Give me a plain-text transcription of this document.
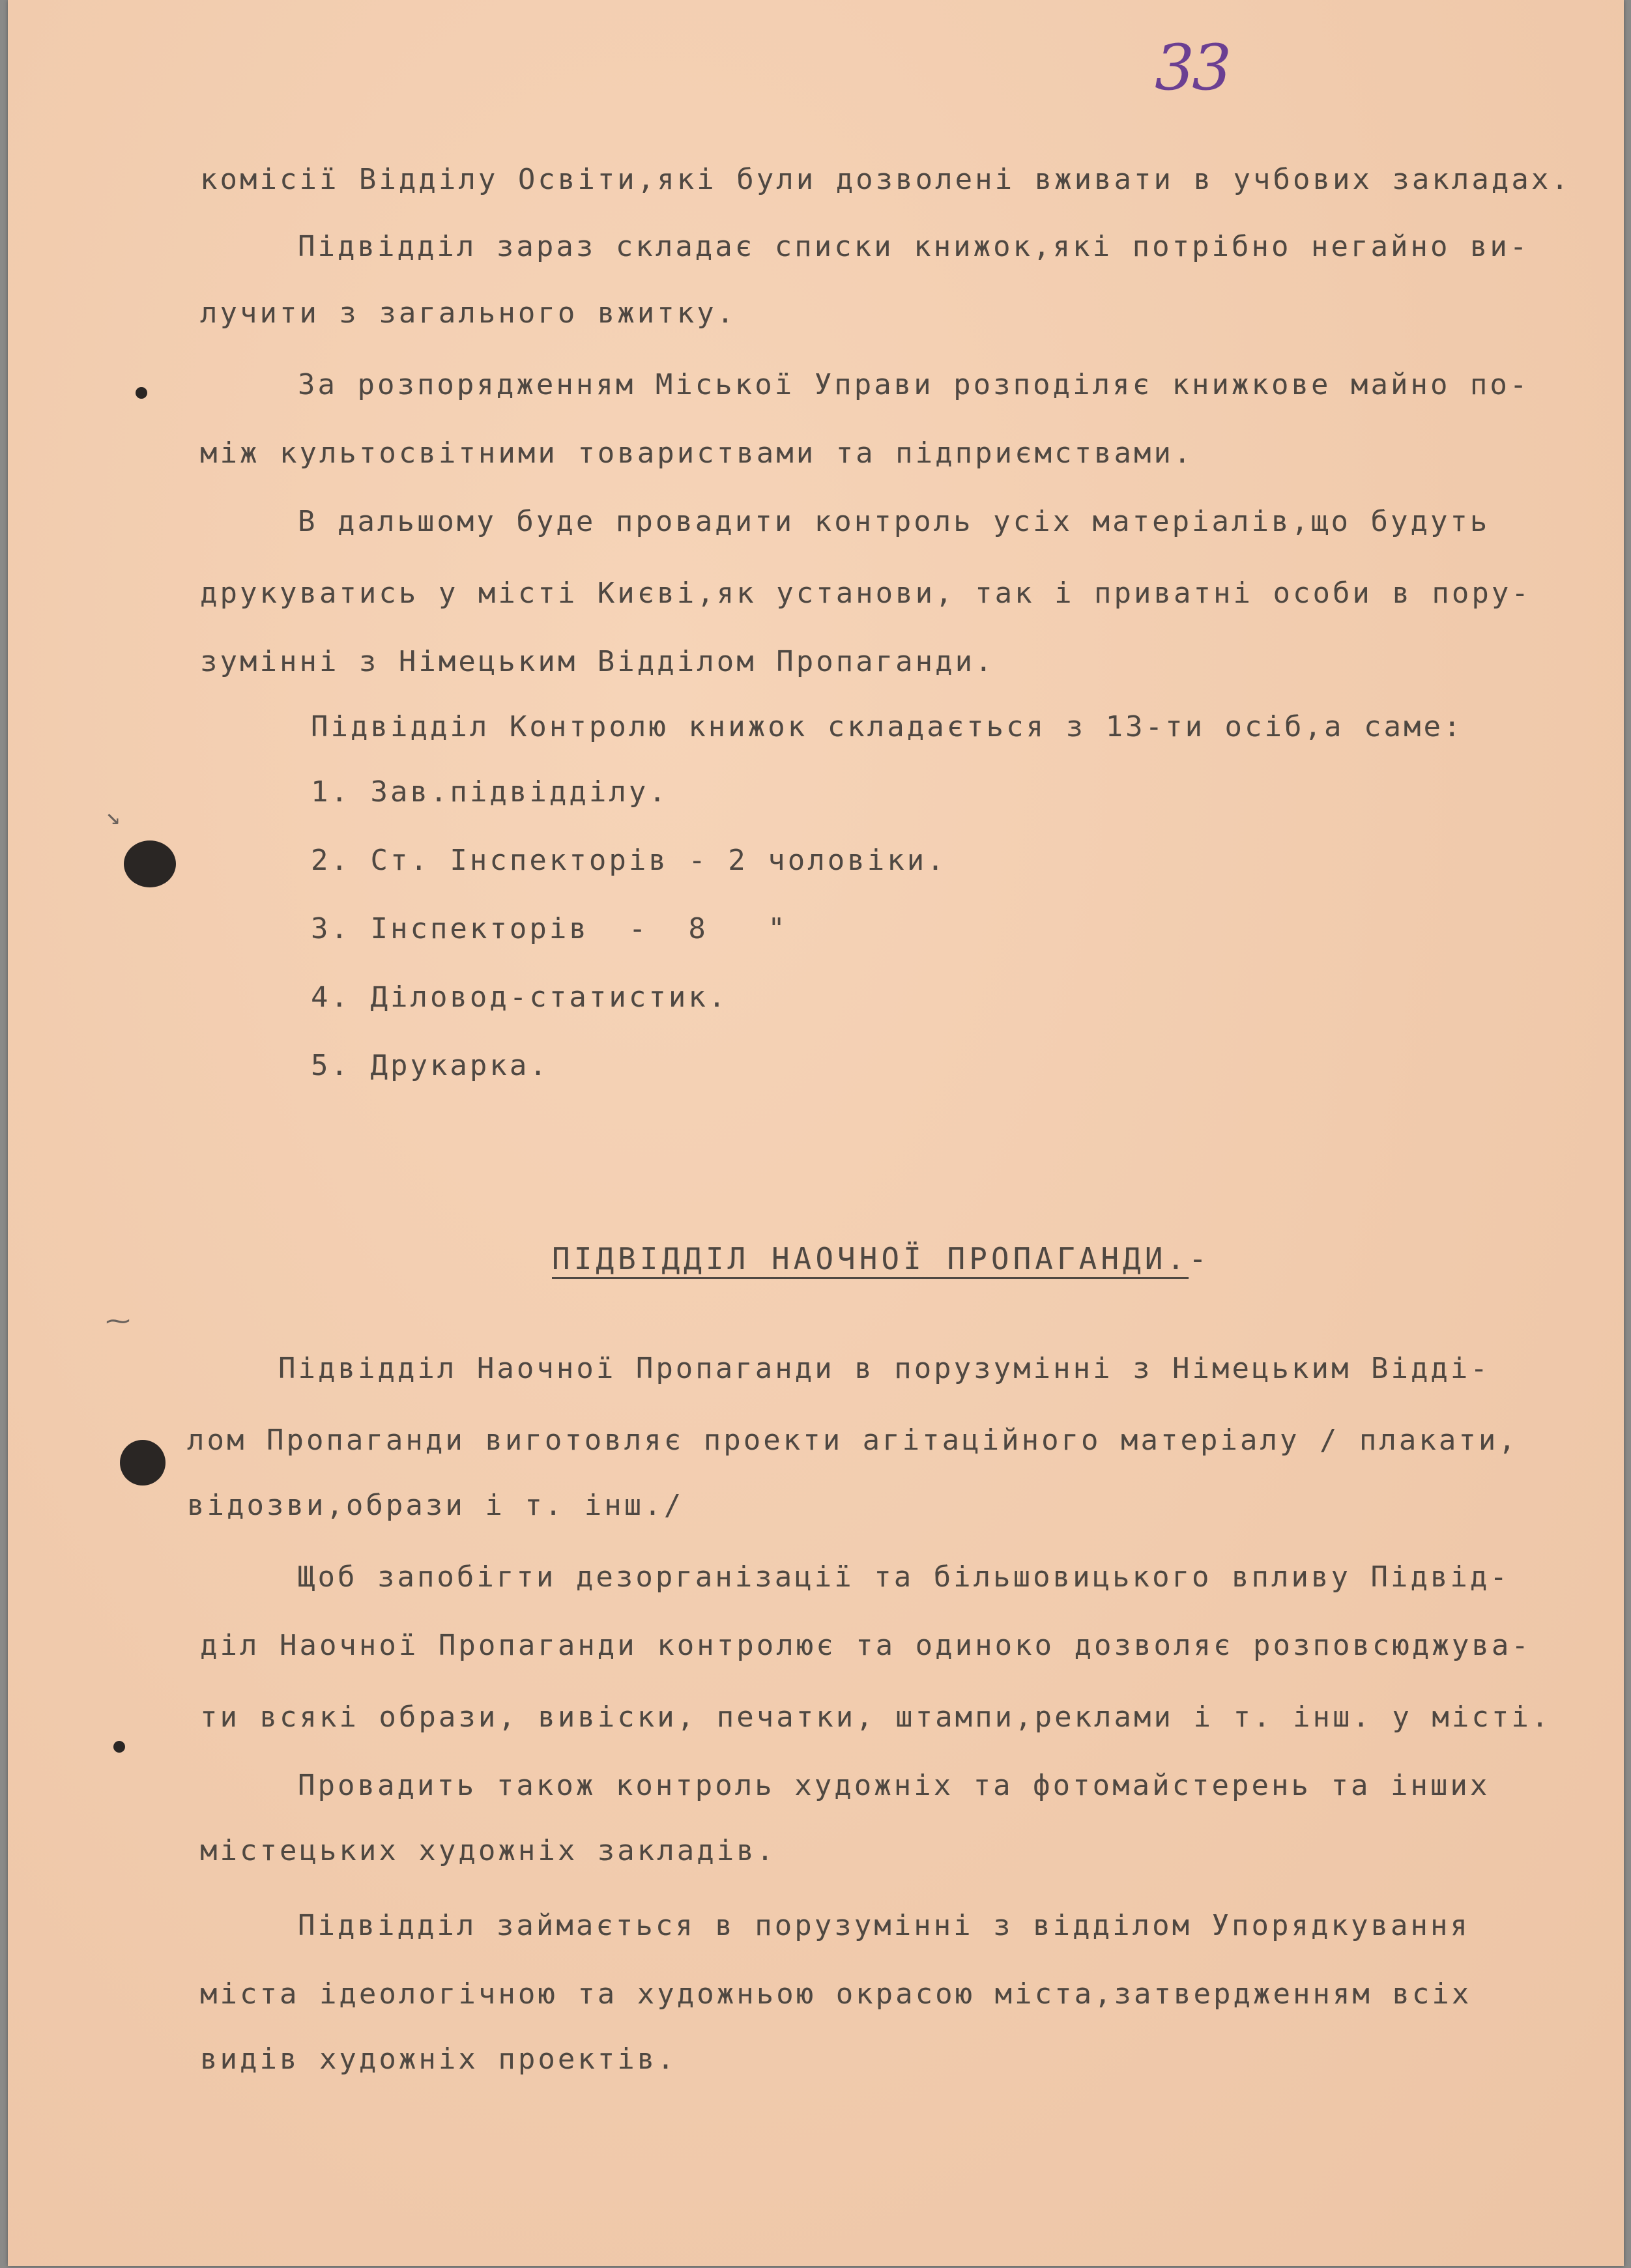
33
↘
⁓
комісії Відділу Освіти,які були дозволені вживати в учбових закладах.
Підвідділ зараз складає списки книжок,які потрібно негайно ви-
лучити з загального вжитку.
За розпорядженням Міської Управи розподіляє книжкове майно по-
між культосвітними товариствами та підприємствами.
В дальшому буде провадити контроль усіх матеріалів,що будуть
друкуватись у місті Києві,як установи, так і приватні особи в пору-
зумінні з Німецьким Відділом Пропаганди.
Підвідділ Контролю книжок складається з 13-ти осіб,а саме:
1. Зав.підвідділу.
2. Ст. Інспекторів - 2 чоловіки.
3. Інспекторів  -  8   "
4. Діловод-статистик.
5. Друкарка.
ПІДВІДДІЛ НАОЧНОЇ ПРОПАГАНДИ.-
Підвідділ Наочної Пропаганди в порузумінні з Німецьким Відді-
лом Пропаганди виготовляє проекти агітаційного матеріалу / плакати,
відозви,образи і т. інш./
Щоб запобігти дезорганізації та більшовицького впливу Підвід-
діл Наочної Пропаганди контролює та одиноко дозволяє розповсюджува-
ти всякі образи, вивіски, печатки, штампи,реклами і т. інш. у місті.
Провадить також контроль художніх та фотомайстерень та інших
містецьких художніх закладів.
Підвідділ займається в порузумінні з відділом Упорядкування
міста ідеологічною та художньою окрасою міста,затвердженням всіх
видів художніх проектів.
